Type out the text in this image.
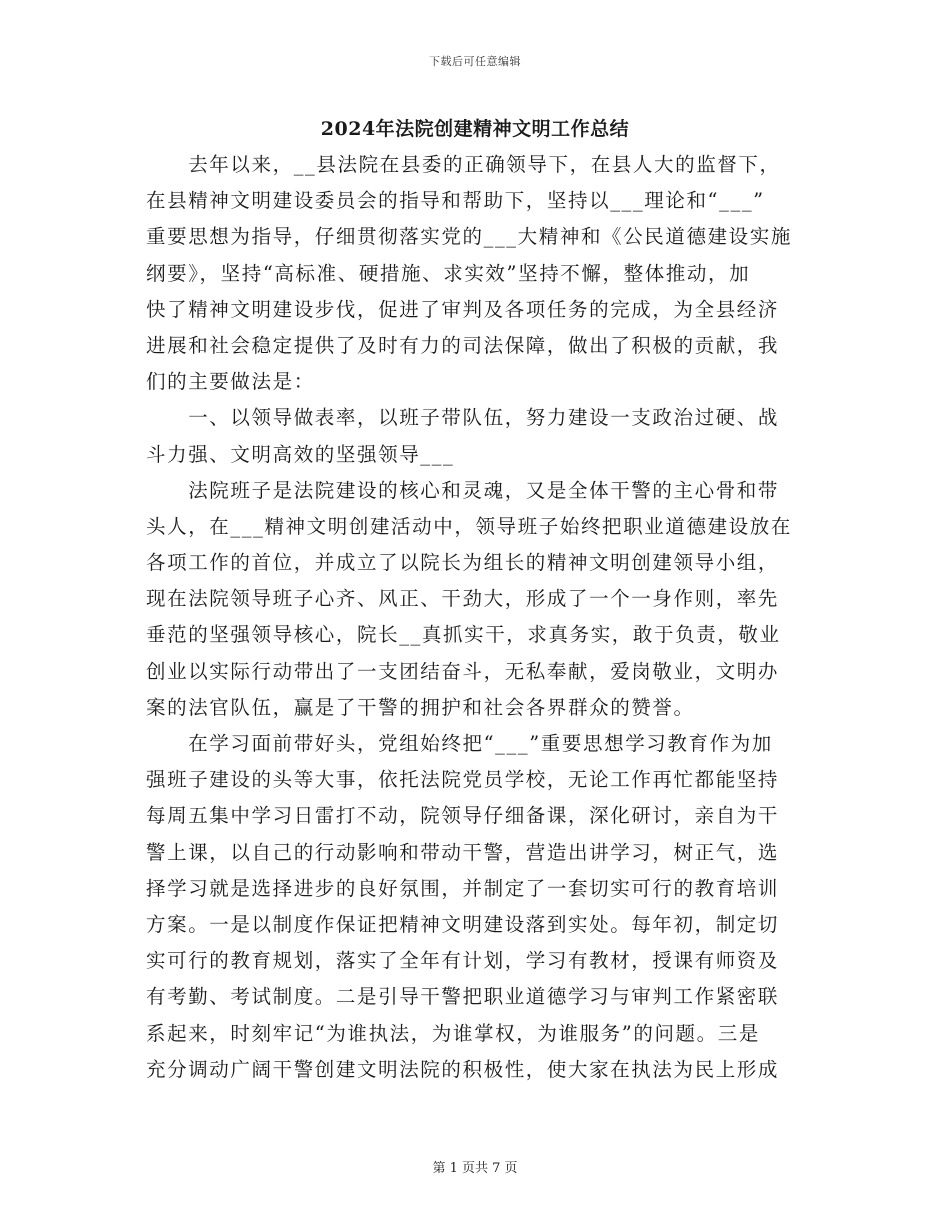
下载后可任意编辑
2024年法院创建精神文明工作总结
　　去年以来，__县法院在县委的正确领导下，在县人大的监督下，
在县精神文明建设委员会的指导和帮助下，坚持以___理论和“___”
重要思想为指导，仔细贯彻落实党的___大精神和《公民道德建设实施
纲要》，坚持“高标准、硬措施、求实效”坚持不懈，整体推动，加
快了精神文明建设步伐，促进了审判及各项任务的完成，为全县经济
进展和社会稳定提供了及时有力的司法保障，做出了积极的贡献，我
们的主要做法是：
　　一、以领导做表率，以班子带队伍，努力建设一支政治过硬、战
斗力强、文明高效的坚强领导___
　　法院班子是法院建设的核心和灵魂，又是全体干警的主心骨和带
头人，在___精神文明创建活动中，领导班子始终把职业道德建设放在
各项工作的首位，并成立了以院长为组长的精神文明创建领导小组，
现在法院领导班子心齐、风正、干劲大，形成了一个一身作则，率先
垂范的坚强领导核心，院长__真抓实干，求真务实，敢于负责，敬业
创业以实际行动带出了一支团结奋斗，无私奉献，爱岗敬业，文明办
案的法官队伍，赢是了干警的拥护和社会各界群众的赞誉。
　　在学习面前带好头，党组始终把“___”重要思想学习教育作为加
强班子建设的头等大事，依托法院党员学校，无论工作再忙都能坚持
每周五集中学习日雷打不动，院领导仔细备课，深化研讨，亲自为干
警上课，以自己的行动影响和带动干警，营造出讲学习，树正气，选
择学习就是选择进步的良好氛围，并制定了一套切实可行的教育培训
方案。一是以制度作保证把精神文明建设落到实处。每年初，制定切
实可行的教育规划，落实了全年有计划，学习有教材，授课有师资及
有考勤、考试制度。二是引导干警把职业道德学习与审判工作紧密联
系起来，时刻牢记“为谁执法，为谁掌权，为谁服务”的问题。三是
充分调动广阔干警创建文明法院的积极性，使大家在执法为民上形成
第 1 页共 7 页
